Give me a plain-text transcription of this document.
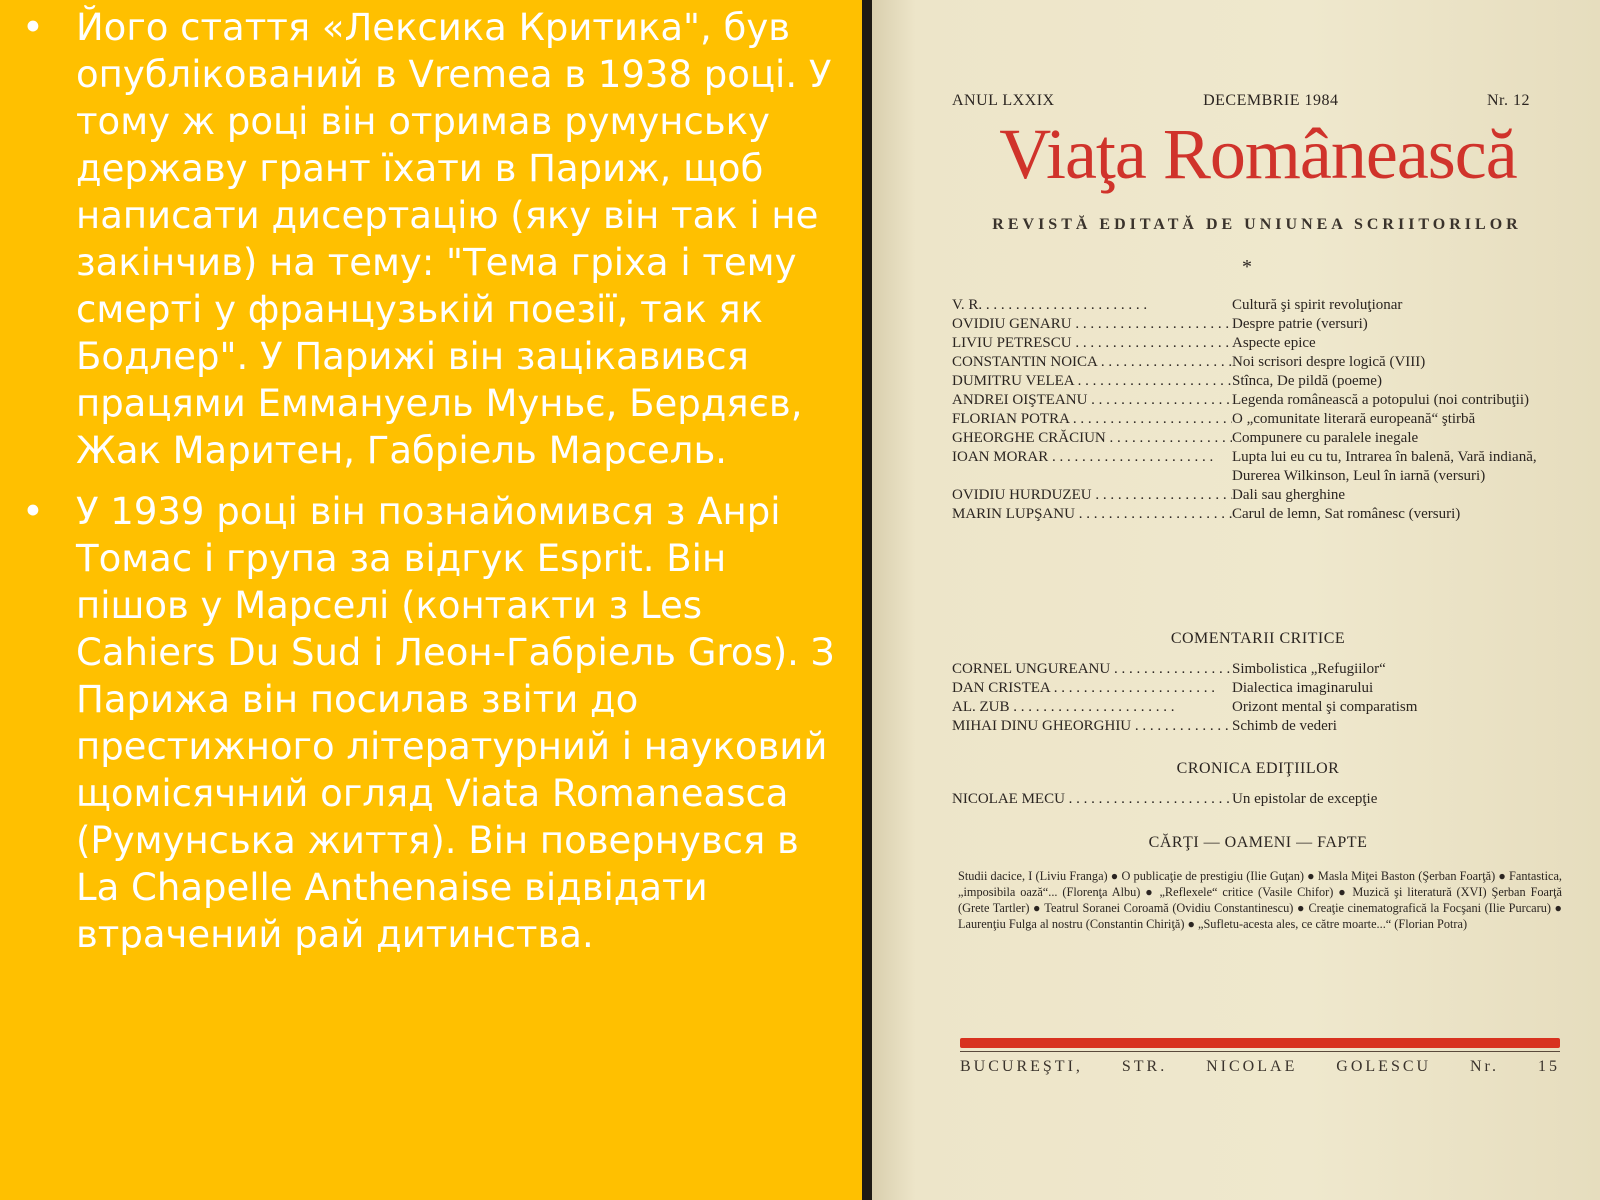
• Його стаття «Лексика Критика", був опублікований в Vremea в 1938 році. У тому ж році він отримав румунську державу грант їхати в Париж, щоб написати дисертацію (яку він так і не закінчив) на тему: "Тема гріха і тему смерті у французькій поезії, так як Бодлер". У Парижі він зацікавився працями Еммануель Муньє, Бердяєв, Жак Маритен, Габріель Марсель.
• У 1939 році він познайомився з Анрі Томас і група за відгук Esprit. Він пішов у Марселі (контакти з Les Cahiers Du Sud і Леон-Габріель Gros). З Парижа він посилав звіти до престижного літературний і науковий щомісячний огляд Viata Romaneasca (Румунська життя). Він повернувся в La Chapelle Anthenaise відвідати втрачений рай дитинства.
ANUL LXXIX	DECEMBRIE 1984	Nr. 12
Viaţa Românească
REVISTĂ EDITATĂ DE UNIUNEA SCRIITORILOR
*
V. R. . . .	Cultură şi spirit revoluţionar
OVIDIU GENARU . . .	Despre patrie (versuri)
LIVIU PETRESCU . . .	Aspecte epice
CONSTANTIN NOICA . . .	Noi scrisori despre logică (VIII)
DUMITRU VELEA . . .	Stînca, De pildă (poeme)
ANDREI OIŞTEANU . . .	Legenda românească a potopului (noi contribuţii)
FLORIAN POTRA . . .	O „comunitate literară europeană“ ştirbă
GHEORGHE CRĂCIUN . . .	Compunere cu paralele inegale
IOAN MORAR . . .	Lupta lui eu cu tu, Intrarea în balenă, Vară indiană, Durerea Wilkinson, Leul în iarnă (versuri)
OVIDIU HURDUZEU . . .	Dali sau gherghine
MARIN LUPŞANU . . .	Carul de lemn, Sat românesc (versuri)
COMENTARII CRITICE
CORNEL UNGUREANU . . .	Simbolistica „Refugiilor“
DAN CRISTEA . . .	Dialectica imaginarului
AL. ZUB . . .	Orizont mental şi comparatism
MIHAI DINU GHEORGHIU . . .	Schimb de vederi
CRONICA EDIŢIILOR
NICOLAE MECU . . .	Un epistolar de excepţie
CĂRŢI — OAMENI — FAPTE
Studii dacice, I (Liviu Franga) ● O publicaţie de prestigiu (Ilie Guţan) ● Masla Miţei Baston (Şerban Foarţă) ● Fantastica, „imposibila oază“... (Florenţa Albu) ● „Reflexele“ critice (Vasile Chifor) ● Muzică şi literatură (XVI) Şerban Foarţă (Grete Tartler) ● Teatrul Soranei Coroamă (Ovidiu Constantinescu) ● Creaţie cinematografică la Focşani (Ilie Purcaru) ● Laurenţiu Fulga al nostru (Constantin Chiriţă) ● „Sufletu-acesta ales, ce către moarte...“ (Florian Potra)
BUCUREŞTI, STR. NICOLAE GOLESCU Nr. 15
